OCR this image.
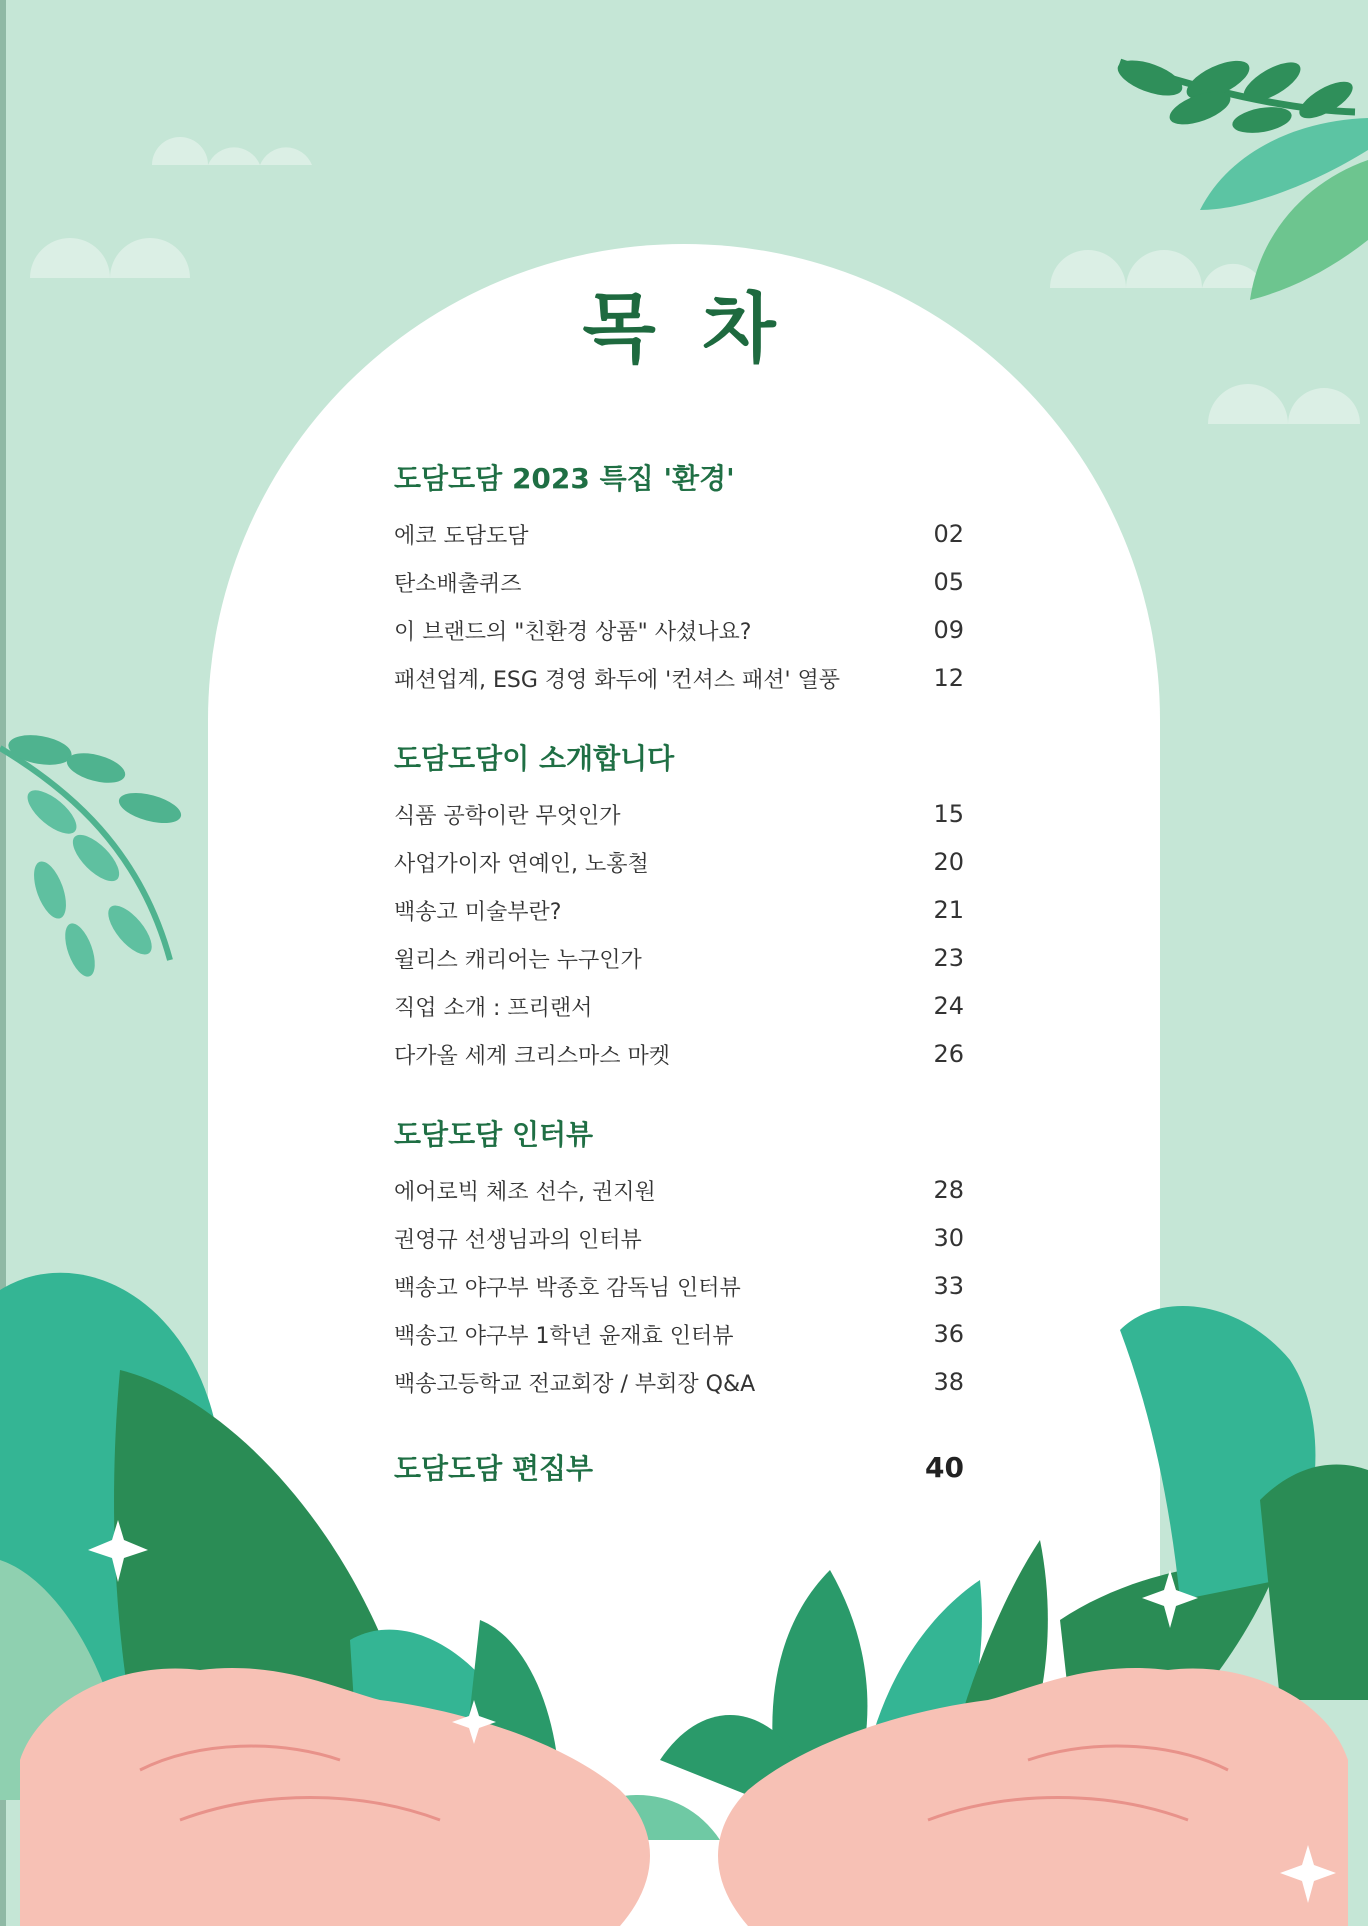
목 차
도담도담 2023 특집 '환경'
에코 도담도담	02
탄소배출퀴즈	05
이 브랜드의 "친환경 상품" 사셨나요?	09
패션업계, ESG 경영 화두에 '컨셔스 패션' 열풍	12
도담도담이 소개합니다
식품 공학이란 무엇인가	15
사업가이자 연예인, 노홍철	20
백송고 미술부란?	21
윌리스 캐리어는 누구인가	23
직업 소개 : 프리랜서	24
다가올 세계 크리스마스 마켓	26
도담도담 인터뷰
에어로빅 체조 선수, 권지원	28
권영규 선생님과의 인터뷰	30
백송고 야구부 박종호 감독님 인터뷰	33
백송고 야구부 1학년 윤재효 인터뷰	36
백송고등학교 전교회장 / 부회장 Q&A	38
도담도담 편집부	40
